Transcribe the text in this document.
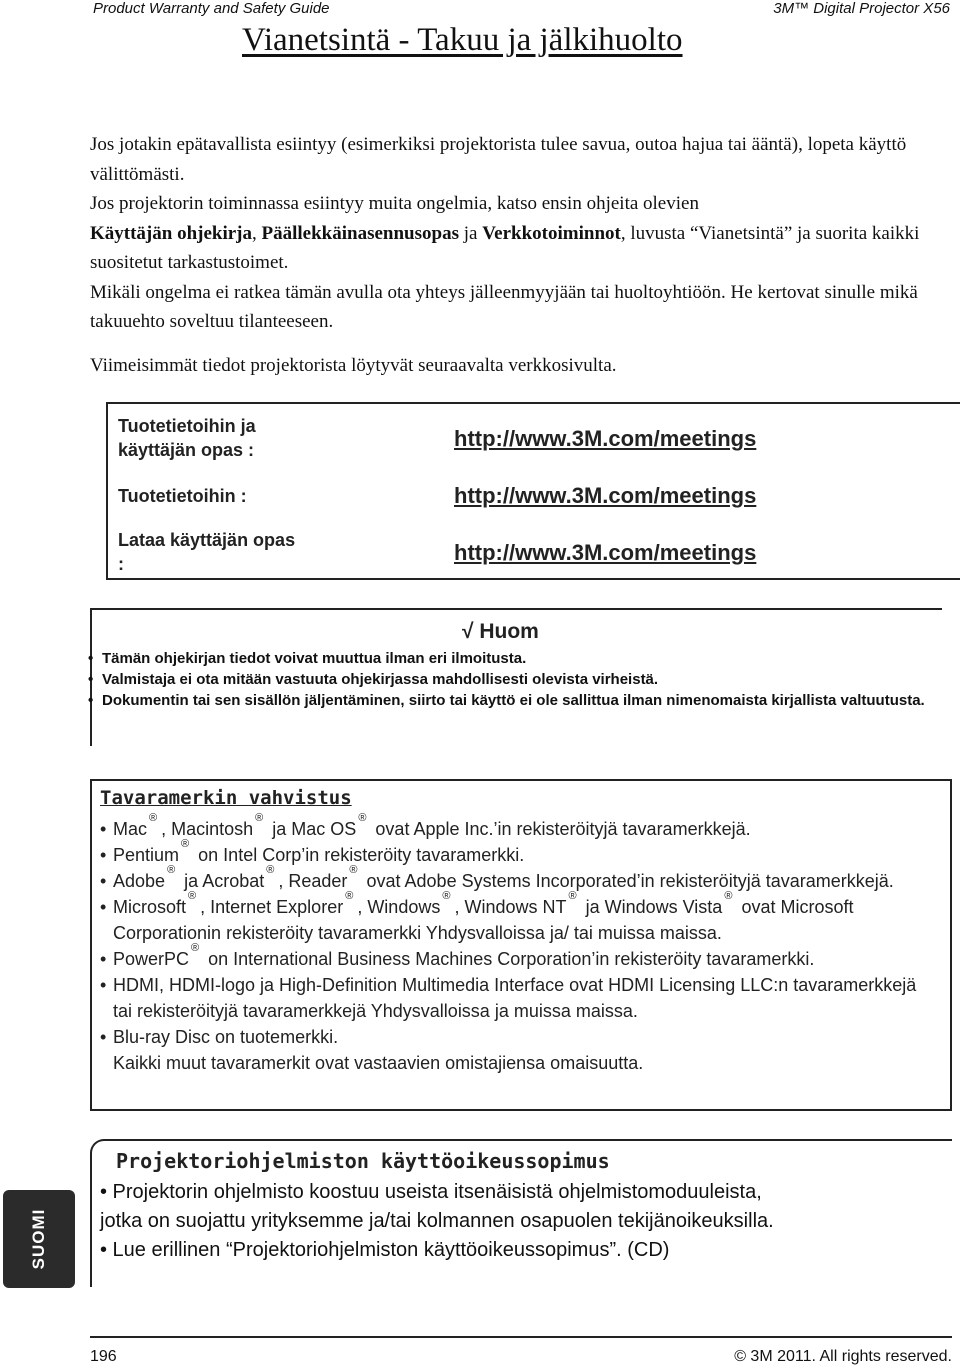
Product Warranty and Safety Guide	3M™ Digital Projector X56
Vianetsintä - Takuu ja jälkihuolto

Jos jotakin epätavallista esiintyy (esimerkiksi projektorista tulee savua, outoa hajua tai ääntä), lopeta käyttö välittömästi.

Jos projektorin toiminnassa esiintyy muita ongelmia, katso ensin ohjeita olevien
Käyttäjän ohjekirja, Päällekkäinasennusopas ja Verkkotoiminnot, luvusta “Vianetsintä” ja suorita kaikki suositetut tarkastustoimet.

Mikäli ongelma ei ratkea tämän avulla ota yhteys jälleenmyyjään tai huoltoyhtiöön. He kertovat sinulle mikä takuuehto soveltuu tilanteeseen.

Viimeisimmät tiedot projektorista löytyvät seuraavalta verkkosivulta.

Tuotetietoihin ja käyttäjän opas :	http://www.3M.com/meetings
Tuotetietoihin :	http://www.3M.com/meetings
Lataa käyttäjän opas :	http://www.3M.com/meetings
√ Huom
• Tämän ohjekirjan tiedot voivat muuttua ilman eri ilmoitusta.
• Valmistaja ei ota mitään vastuuta ohjekirjassa mahdollisesti olevista virheistä.
• Dokumentin tai sen sisällön jäljentäminen, siirto tai käyttö ei ole sallittua ilman nimenomaista kirjallista valtuutusta.
Tavaramerkin vahvistus
• Mac®, Macintosh® ja Mac OS® ovat Apple Inc.’in rekisteröityjä tavaramerkkejä.
• Pentium® on Intel Corp’in rekisteröity tavaramerkki.
• Adobe® ja Acrobat®, Reader® ovat Adobe Systems Incorporated’in rekisteröityjä tavaramerkkejä.
• Microsoft®, Internet Explorer®, Windows®, Windows NT® ja Windows Vista® ovat Microsoft Corporationin rekisteröity tavaramerkki Yhdysvalloissa ja/ tai muissa maissa.
• PowerPC® on International Business Machines Corporation’in rekisteröity tavaramerkki.
• HDMI, HDMI-logo ja High-Definition Multimedia Interface ovat HDMI Licensing LLC:n tavaramerkkejä tai rekisteröityjä tavaramerkkejä Yhdysvalloissa ja muissa maissa.
• Blu-ray Disc on tuotemerkki.
Kaikki muut tavaramerkit ovat vastaavien omistajiensa omaisuutta.
Projektoriohjelmiston käyttöoikeussopimus
• Projektorin ohjelmisto koostuu useista itsenäisistä ohjelmistomoduuleista,
jotka on suojattu yrityksemme ja/tai kolmannen osapuolen tekijänoikeuksilla.
• Lue erillinen “Projektoriohjelmiston käyttöoikeussopimus”. (CD)
SUOMI
196	© 3M 2011. All rights reserved.
